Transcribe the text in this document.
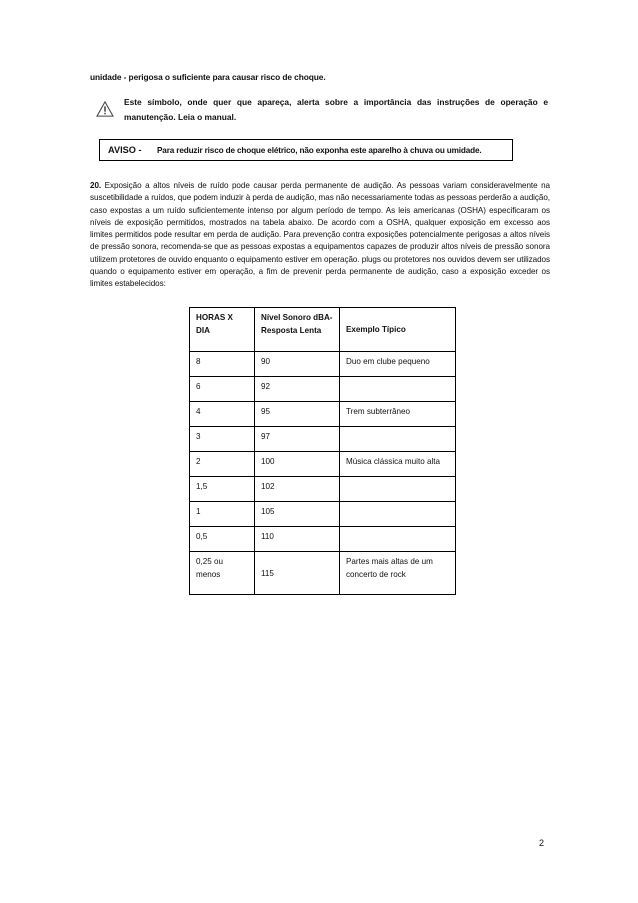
unidade - perigosa o suficiente para causar risco de choque.
Este símbolo, onde quer que apareça, alerta sobre a importância das instruções de operação e manutenção. Leia o manual.
AVISO - Para reduzir risco de choque elétrico, não exponha este aparelho à chuva ou umidade.
20. Exposição a altos níveis de ruído pode causar perda permanente de audição. As pessoas variam consideravelmente na suscetibilidade a ruídos, que podem induzir à perda de audição, mas não necessariamente todas as pessoas perderão a audição, caso expostas a um ruído suficientemente intenso por algum período de tempo. As leis americanas (OSHA) especificaram os níveis de exposição permitidos, mostrados na tabela abaixo. De acordo com a OSHA, qualquer exposição em excesso aos limites permitidos pode resultar em perda de audição. Para prevenção contra exposições potencialmente perigosas a altos níveis de pressão sonora, recomenda-se que as pessoas expostas a equipamentos capazes de produzir altos níveis de pressão sonora utilizem protetores de ouvido enquanto o equipamento estiver em operação. plugs ou protetores nos ouvidos devem ser utilizados quando o equipamento estiver em operação, a fim de prevenir perda permanente de audição, caso a exposição exceder os limites estabelecidos:
HORAS X DIA	Nível Sonoro dBA- Resposta Lenta	Exemplo Típico
8	90	Duo em clube pequeno
6	92	
4	95	Trem subterrâneo
3	97	
2	100	Música clássica muito alta
1,5	102	
1	105	
0,5	110	
0,25 ou menos	115	Partes mais altas de um concerto de rock
2
